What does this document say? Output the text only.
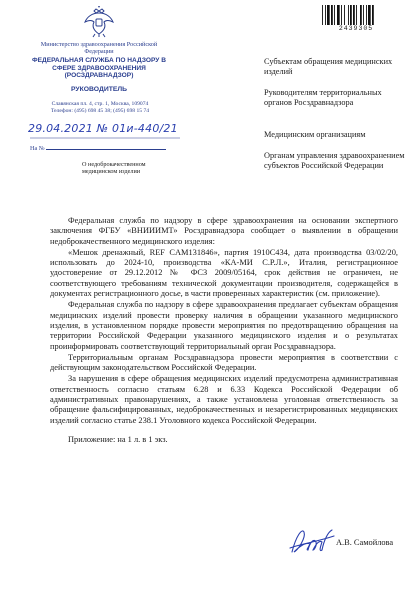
2439305
Министерство здравоохранения Российской Федерации
ФЕДЕРАЛЬНАЯ СЛУЖБА ПО НАДЗОРУ В СФЕРЕ ЗДРАВООХРАНЕНИЯ (РОСЗДРАВНАДЗОР)
РУКОВОДИТЕЛЬ
Славянская пл. 4, стр. 1, Москва, 109074
Телефон: (495) 698 45 38; (495) 698 15 74
29.04.2021 № 01и-440/21
На №
О недоброкачественном медицинском изделии
Субъектам обращения медицинских изделий
Руководителям территориальных органов Росздравнадзора
Медицинским организациям
Органам управления здравоохранением субъектов Российской Федерации

Федеральная служба по надзору в сфере здравоохранения на основании экспертного заключения ФГБУ «ВНИИИМТ» Росздравнадзора сообщает о выявлении в обращении недоброкачественного медицинского изделия:

«Мешок дренажный, REF CAM131846», партия 1910С434, дата производства 03/02/20, использовать до 2024-10, производства «КА-МИ С.Р.Л.», Италия, регистрационное удостоверение от 29.12.2012 № ФСЗ 2009/05164, срок действия не ограничен, не соответствующего требованиям технической документации производителя, содержащейся в документах регистрационного досье, в части проверенных характеристик (см. приложение).

Федеральная служба по надзору в сфере здравоохранения предлагает субъектам обращения медицинских изделий провести проверку наличия в обращении указанного медицинского изделия, в установленном порядке провести мероприятия по предотвращению обращения на территории Российской Федерации указанного медицинского изделия и о результатах проинформировать соответствующий территориальный орган Росздравнадзора.

Территориальным органам Росздравнадзора провести мероприятия в соответствии с действующим законодательством Российской Федерации.

За нарушения в сфере обращения медицинских изделий предусмотрена административная ответственность согласно статьям 6.28 и 6.33 Кодекса Российской Федерации об административных правонарушениях, а также установлена уголовная ответственность за обращение фальсифицированных, недоброкачественных и незарегистрированных медицинских изделий согласно статье 238.1 Уголовного кодекса Российской Федерации.

Приложение: на 1 л. в 1 экз.

А.В. Самойлова
